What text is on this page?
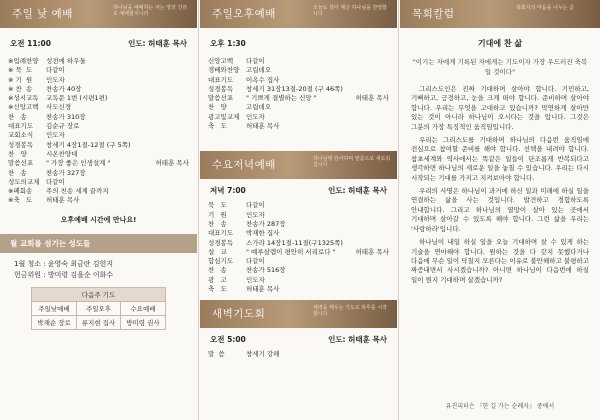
주일 낮 예배	하나님을 예배하는 자는 영과 진리로 예배할지니라
오전 11:00	인도: 허태훈 목사
※입례찬양	성전에 하우둘
※ 묵  도	다같이
※ 기  원	인도자
※ 찬  송	찬송가 40장
※성시교독	교독문 1번 (시편1편)
※신앙고백	사도신경
찬   송	찬송가 310장
대표기도	김순규 장로
교회소식	인도자
성경봉독	창세기 4장1절-12절 (구 5쪽)
찬   양	시온찬양대
말씀선포	" 가장 좋은 인생설계 "	허태훈 목사
찬   송	찬송가 327장
성도의교제	다같이
※폐회송	주의 친송 세계 끝까지
※축   도	허태훈 목사
오후예배 시간에 만나요!
월 교회를 섬기는 성도들
1월 청소 : 윤영숙 최금란 김헌지
헌금위원 : 방미령 김을순 이화수
다음주 기도		
주일낮예배	주일오후	수요예배
박재순 장로	류지현 집사	방미령 권사
주일오후예배	오늘도 살아 계신 하나님을 찬양합니다
오후 1:30
신앙고백	다같이
경배와찬양	고립데오
대표기도	이옥수 집사
성경봉독	창세기 31장13절-20절 (구 46쪽)
말씀선포	" 기쁘게 결별하는 신앙 "	허태훈 목사
찬   양	고립데오
광고및교제	인도자
축   도	허태훈 목사
수요저녁예배	하나님께 감사하며 말씀으로 새로워집니다
저녁 7:00	인도: 허태훈 목사
묵   도	다같이
기   원	인도자
찬   송	찬송가 287장
대표기도	박재한 집사
성경봉독	스가랴 14장1절-11절(구1325쪽)
설   교	" 예루살렘이 평안히 서리로다 "	허태훈 목사
합심기도	다같이
찬   송	찬송가 516장
광   고	인도자
축   도	허태훈 목사
새벽기도회	새벽을 깨우는 기도로 하루를 시작합니다
오전 5:00	인도: 허태훈 목사
말  씀	창세기 강해
목회칼럼	목회자의 마음을 나누는 글
기대에 찬 삶
"이기는 자에게 기록된 자에게는 기도이자 가장 우드러진 축복일 것이다"
그리스도인은 진짜 기대하며 살아야 합니다. 기민하고, 기뻐하고, 긍정하고, 눈을 크게 떠야 합니다. 준비하며 살아야 합니다. 우리는 무엇을 고대하고 있습니까? 막연하게 살아만 있는 것이 아니라 하나님이 오시다는 것을 압니다. 그것은 그분의 가장 특징적인 움직임입니다.
우리는 그리스도를 기대하며 하나님의 다음번 움직임에 전심으로 참여할 준비를 해야 합니다. 선택을 내려야 합니다. 참초세계와 역사에서는 똑같은 일들이 단조롭게 반복되다고 생각하면 하나님의 새로운 일을 놓칠 수 있습니다. 우리는 다시 시작되는 기대를 가지고 지켜보아야 합니다.
우리의 사명은 하나님이 과거에 하신 일과 미래에 하실 일을 연결하는 삶을 사는 것입니다. 발견하고 경험하도록 안내합니다. 그리고 하나님의 열망이 살아 있는 곳에서 기대하며 살아갈 수 있도록 해야 합니다. 그런 삶을 우리는 '사랑하라'입니다.
하나님이 내일 하실 일을 오늘 기대하며 살 수 있게 하는 기술을 연마해야 합니다. 원하는 것을 다 갖지 못했다거나 다음에 무슨 일이 닥칠지 모른다는 이유로 불안해하고 불평하고 짜증내면서 사시겠습니까? 아니면 하나님이 다음번에 하실 일이 뭔지 기대하며 살겠습니까?
유진피터슨 『한 길 가는 순례자』 중에서
